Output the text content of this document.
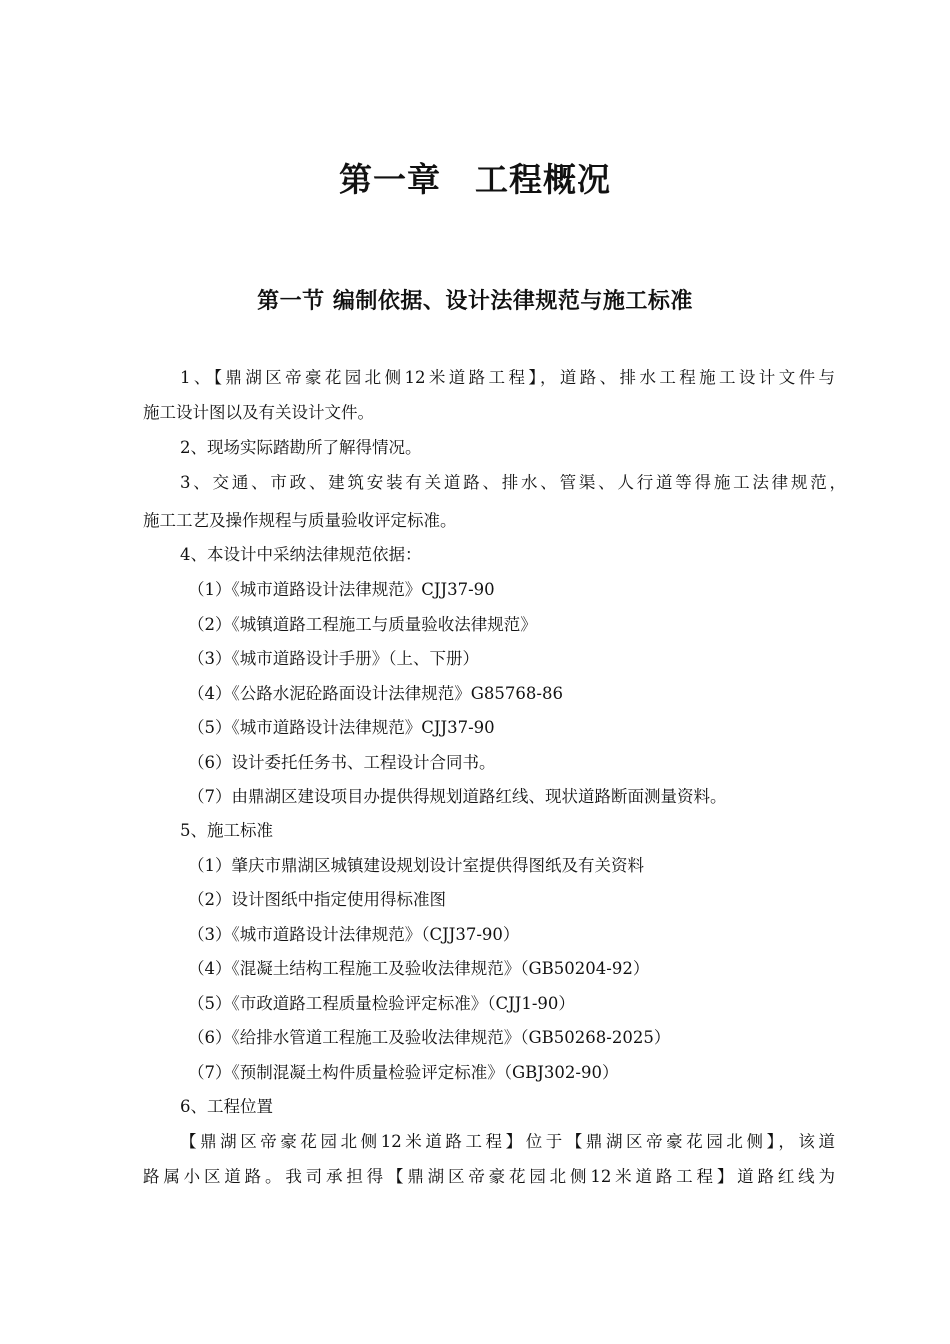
第一章　工程概况
第一节 编制依据、设计法律规范与施工标准
1、【鼎湖区帝豪花园北侧12米道路工程】，道路、排水工程施工设计文件与
施工设计图以及有关设计文件。
2、现场实际踏勘所了解得情况。
3、交通、市政、建筑安装有关道路、排水、管渠、人行道等得施工法律规范，
施工工艺及操作规程与质量验收评定标准。
4、本设计中采纳法律规范依据：
（1）《城市道路设计法律规范》CJJ37-90
（2）《城镇道路工程施工与质量验收法律规范》
（3）《城市道路设计手册》（上、下册）
（4）《公路水泥砼路面设计法律规范》G85768-86
（5）《城市道路设计法律规范》CJJ37-90
（6）设计委托任务书、工程设计合同书。
（7）由鼎湖区建设项目办提供得规划道路红线、现状道路断面测量资料。
5、施工标准
（1）肇庆市鼎湖区城镇建设规划设计室提供得图纸及有关资料
（2）设计图纸中指定使用得标准图
（3）《城市道路设计法律规范》（CJJ37-90）
（4）《混凝土结构工程施工及验收法律规范》（GB50204-92）
（5）《市政道路工程质量检验评定标准》（CJJ1-90）
（6）《给排水管道工程施工及验收法律规范》（GB50268-2025）
（7）《预制混凝土构件质量检验评定标准》（GBJ302-90）
6、工程位置
【鼎湖区帝豪花园北侧12米道路工程】位于【鼎湖区帝豪花园北侧】，该道
路属小区道路。我司承担得【鼎湖区帝豪花园北侧12米道路工程】道路红线为
